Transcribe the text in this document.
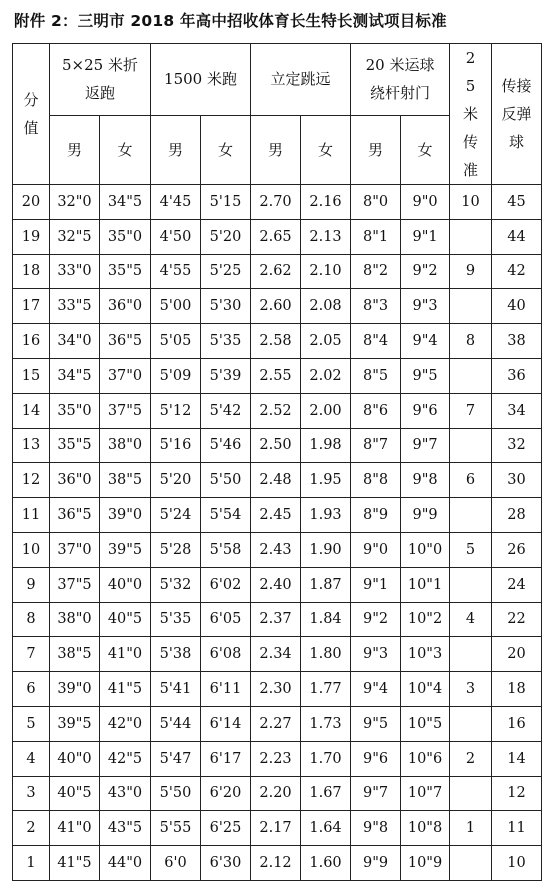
附件 2：三明市 2018 年高中招收体育长生特长测试项目标准
分值	5×25 米折返跑		1500 米跑		立定跳远		20 米运球绕杆射门		25 米传准	传接反弹球

	男	女	男	女	男	女	男	女		
20	32"0	34"5	4'45	5'15	2.70	2.16	8"0	9"0	10	45
19	32"5	35"0	4'50	5'20	2.65	2.13	8"1	9"1		44
18	33"0	35"5	4'55	5'25	2.62	2.10	8"2	9"2	9	42
17	33"5	36"0	5'00	5'30	2.60	2.08	8"3	9"3		40
16	34"0	36"5	5'05	5'35	2.58	2.05	8"4	9"4	8	38
15	34"5	37"0	5'09	5'39	2.55	2.02	8"5	9"5		36
14	35"0	37"5	5'12	5'42	2.52	2.00	8"6	9"6	7	34
13	35"5	38"0	5'16	5'46	2.50	1.98	8"7	9"7		32
12	36"0	38"5	5'20	5'50	2.48	1.95	8"8	9"8	6	30
11	36"5	39"0	5'24	5'54	2.45	1.93	8"9	9"9		28
10	37"0	39"5	5'28	5'58	2.43	1.90	9"0	10"0	5	26
9	37"5	40"0	5'32	6'02	2.40	1.87	9"1	10"1		24
8	38"0	40"5	5'35	6'05	2.37	1.84	9"2	10"2	4	22
7	38"5	41"0	5'38	6'08	2.34	1.80	9"3	10"3		20
6	39"0	41"5	5'41	6'11	2.30	1.77	9"4	10"4	3	18
5	39"5	42"0	5'44	6'14	2.27	1.73	9"5	10"5		16
4	40"0	42"5	5'47	6'17	2.23	1.70	9"6	10"6	2	14
3	40"5	43"0	5'50	6'20	2.20	1.67	9"7	10"7		12
2	41"0	43"5	5'55	6'25	2.17	1.64	9"8	10"8	1	11
1	41"5	44"0	6'0	6'30	2.12	1.60	9"9	10"9		10
